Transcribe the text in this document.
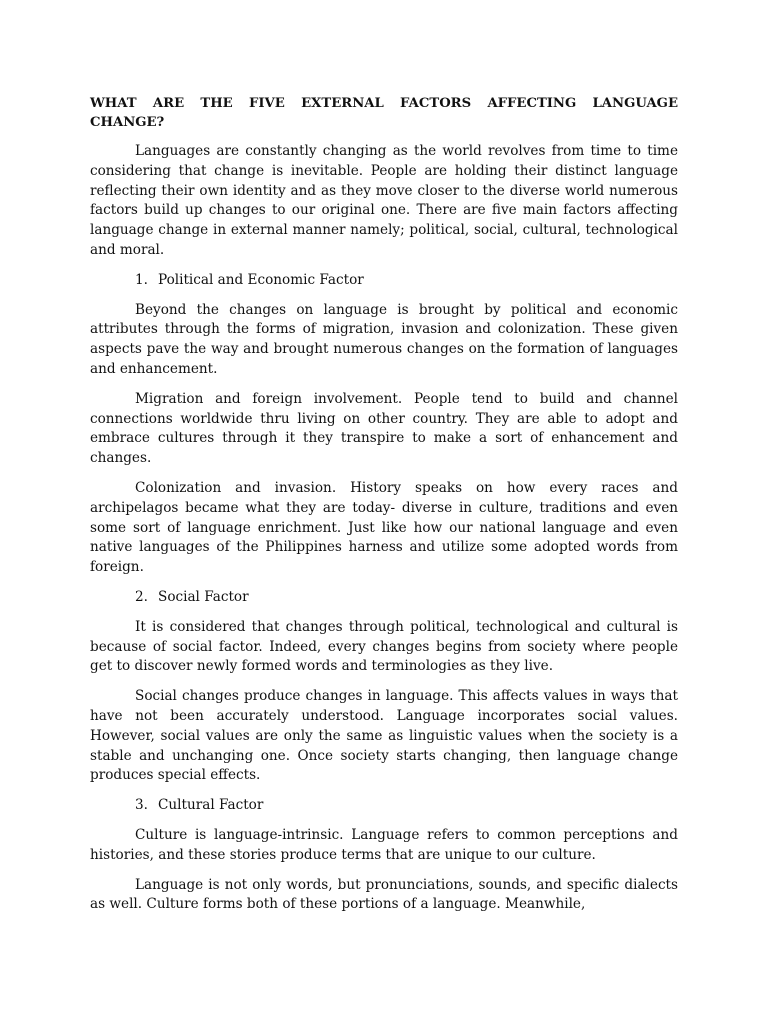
WHAT ARE THE FIVE EXTERNAL FACTORS AFFECTING LANGUAGE CHANGE?

Languages are constantly changing as the world revolves from time to time considering that change is inevitable. People are holding their distinct language reflecting their own identity and as they move closer to the diverse world numerous factors build up changes to our original one. There are five main factors affecting language change in external manner namely; political, social, cultural, technological and moral.

1. Political and Economic Factor

Beyond the changes on language is brought by political and economic attributes through the forms of migration, invasion and colonization. These given aspects pave the way and brought numerous changes on the formation of languages and enhancement.

Migration and foreign involvement. People tend to build and channel connections worldwide thru living on other country. They are able to adopt and embrace cultures through it they transpire to make a sort of enhancement and changes.

Colonization and invasion. History speaks on how every races and archipelagos became what they are today- diverse in culture, traditions and even some sort of language enrichment. Just like how our national language and even native languages of the Philippines harness and utilize some adopted words from foreign.

2. Social Factor

It is considered that changes through political, technological and cultural is because of social factor. Indeed, every changes begins from society where people get to discover newly formed words and terminologies as they live.

Social changes produce changes in language. This affects values in ways that have not been accurately understood. Language incorporates social values. However, social values are only the same as linguistic values when the society is a stable and unchanging one. Once society starts changing, then language change produces special effects.

3. Cultural Factor

Culture is language-intrinsic. Language refers to common perceptions and histories, and these stories produce terms that are unique to our culture.

Language is not only words, but pronunciations, sounds, and specific dialects as well. Culture forms both of these portions of a language. Meanwhile,
